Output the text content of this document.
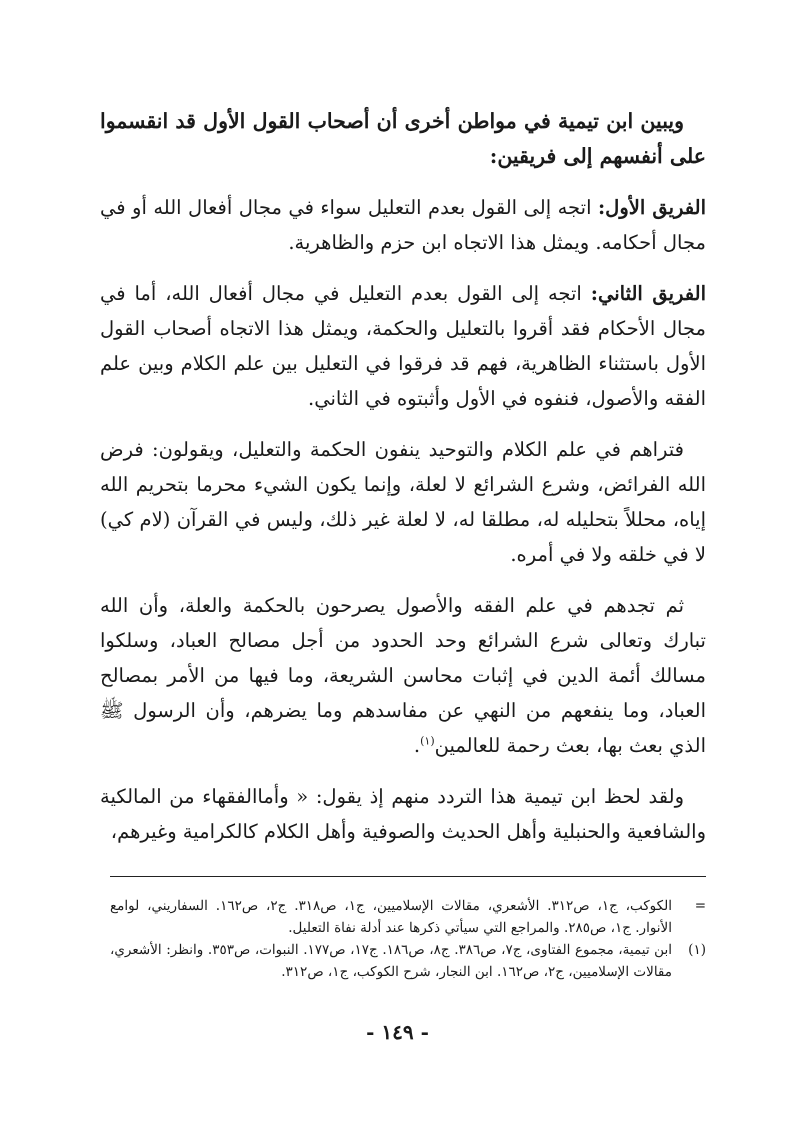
ويبين ابن تيمية في مواطن أخرى أن أصحاب القول الأول قد انقسموا على أنفسهم إلى فريقين:

الفريق الأول: اتجه إلى القول بعدم التعليل سواء في مجال أفعال الله أو في مجال أحكامه. ويمثل هذا الاتجاه ابن حزم والظاهرية.

الفريق الثاني: اتجه إلى القول بعدم التعليل في مجال أفعال الله، أما في مجال الأحكام فقد أقروا بالتعليل والحكمة، ويمثل هذا الاتجاه أصحاب القول الأول باستثناء الظاهرية، فهم قد فرقوا في التعليل بين علم الكلام وبين علم الفقه والأصول، فنفوه في الأول وأثبتوه في الثاني.

فتراهم في علم الكلام والتوحيد ينفون الحكمة والتعليل، ويقولون: فرض الله الفرائض، وشرع الشرائع لا لعلة، وإنما يكون الشيء محرما بتحريم الله إياه، محللاً بتحليله له، مطلقا له، لا لعلة غير ذلك، وليس في القرآن (لام كي) لا في خلقه ولا في أمره.

ثم تجدهم في علم الفقه والأصول يصرحون بالحكمة والعلة، وأن الله تبارك وتعالى شرع الشرائع وحد الحدود من أجل مصالح العباد، وسلكوا مسالك أئمة الدين في إثبات محاسن الشريعة، وما فيها من الأمر بمصالح العباد، وما ينفعهم من النهي عن مفاسدهم وما يضرهم، وأن الرسول ﷺ الذي بعث بها، بعث رحمة للعالمين$^{(١)}$.

ولقد لحظ ابن تيمية هذا التردد منهم إذ يقول: « وأماالفقهاء من المالكية والشافعية والحنبلية وأهل الحديث والصوفية وأهل الكلام كالكرامية وغيرهم،

=
الكوكب، ج١، ص٣١٢. الأشعري، مقالات الإسلاميين، ج١، ص٣١٨. ج٢، ص١٦٢. السفاريني، لوامع الأنوار. ج١، ص٢٨٥. والمراجع التي سيأتي ذكرها عند أدلة نفاة التعليل.

(١)
ابن تيمية، مجموع الفتاوى، ج٧، ص٣٨٦. ج٨، ص١٨٦. ج١٧، ص١٧٧. النبوات، ص٣٥٣. وانظر: الأشعري، مقالات الإسلاميين، ج٢، ص١٦٢. ابن النجار، شرح الكوكب، ج١، ص٣١٢.

- ١٤٩ -
